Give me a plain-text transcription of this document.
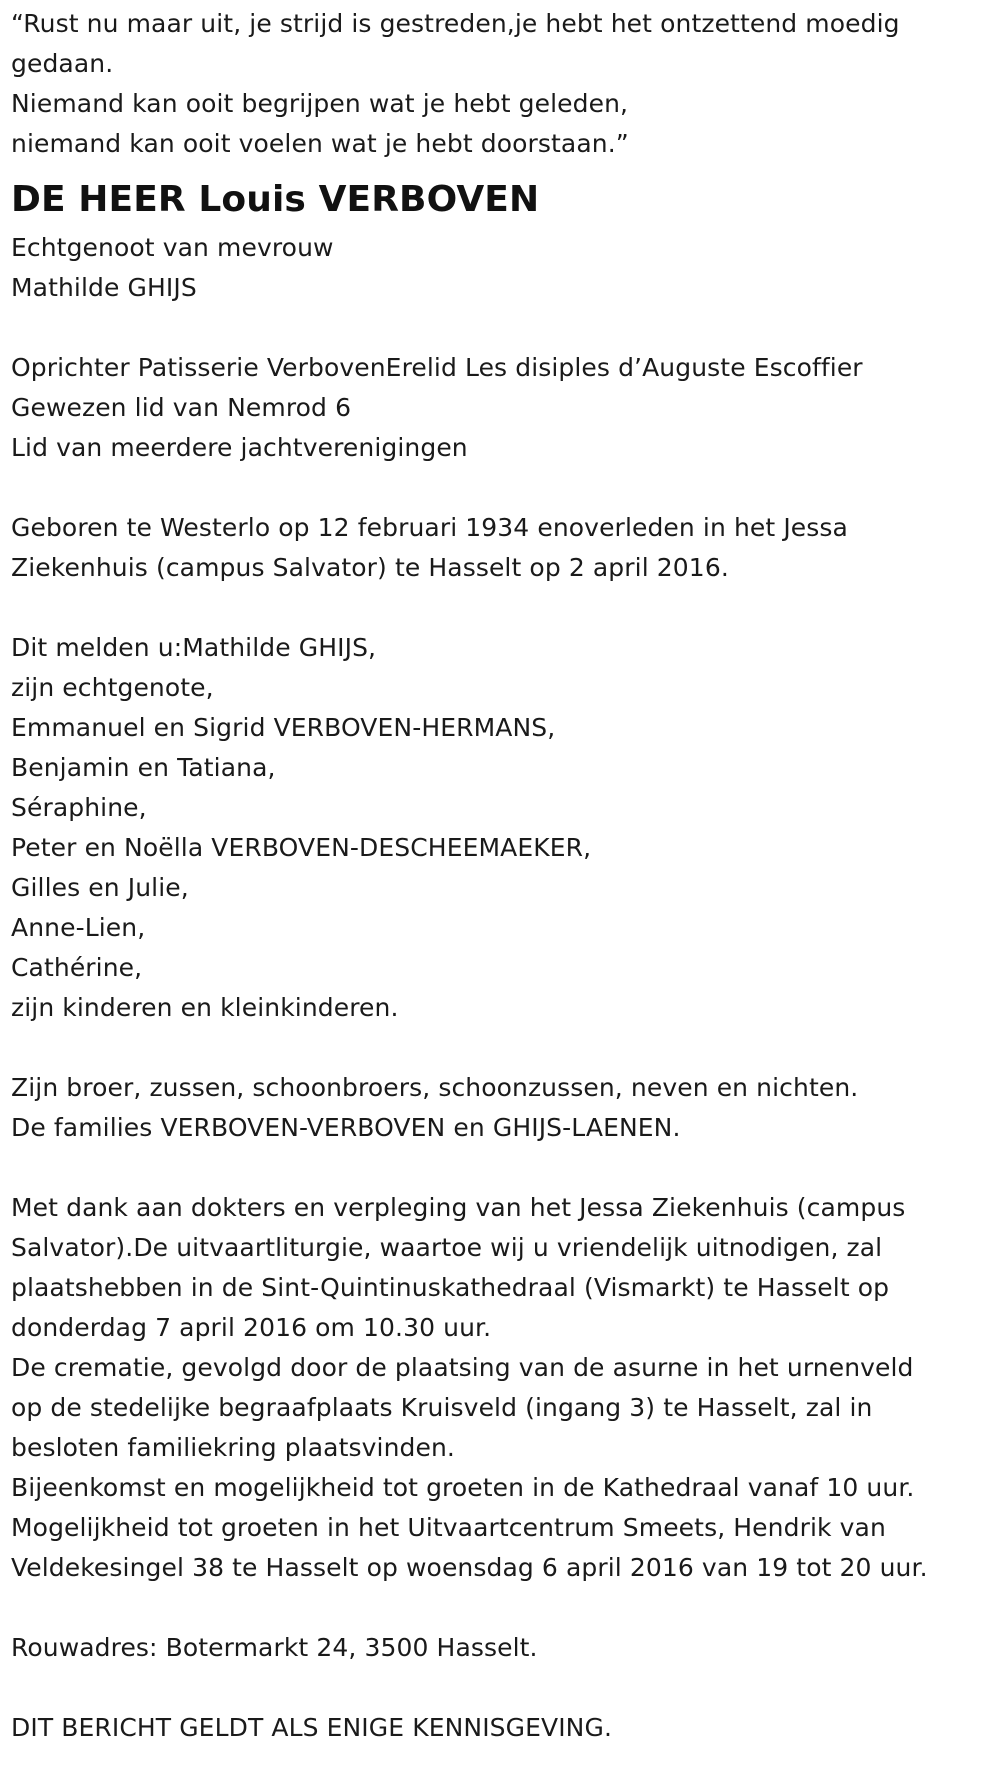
“Rust nu maar uit, je strijd is gestreden,je hebt het ontzettend moedig
gedaan.
Niemand kan ooit begrijpen wat je hebt geleden,
niemand kan ooit voelen wat je hebt doorstaan.”
DE HEER Louis VERBOVEN
Echtgenoot van mevrouw
Mathilde GHIJS
Oprichter Patisserie VerbovenErelid Les disiples d’Auguste Escoffier
Gewezen lid van Nemrod 6
Lid van meerdere jachtverenigingen
Geboren te Westerlo op 12 februari 1934 enoverleden in het Jessa
Ziekenhuis (campus Salvator) te Hasselt op 2 april 2016.
Dit melden u:Mathilde GHIJS,
zijn echtgenote,
Emmanuel en Sigrid VERBOVEN-HERMANS,
Benjamin en Tatiana,
Séraphine,
Peter en Noëlla VERBOVEN-DESCHEEMAEKER,
Gilles en Julie,
Anne-Lien,
Cathérine,
zijn kinderen en kleinkinderen.
Zijn broer, zussen, schoonbroers, schoonzussen, neven en nichten.
De families VERBOVEN-VERBOVEN en GHIJS-LAENEN.
Met dank aan dokters en verpleging van het Jessa Ziekenhuis (campus
Salvator).De uitvaartliturgie, waartoe wij u vriendelijk uitnodigen, zal
plaatshebben in de Sint-Quintinuskathedraal (Vismarkt) te Hasselt op
donderdag 7 april 2016 om 10.30 uur.
De crematie, gevolgd door de plaatsing van de asurne in het urnenveld
op de stedelijke begraafplaats Kruisveld (ingang 3) te Hasselt, zal in
besloten familiekring plaatsvinden.
Bijeenkomst en mogelijkheid tot groeten in de Kathedraal vanaf 10 uur.
Mogelijkheid tot groeten in het Uitvaartcentrum Smeets, Hendrik van
Veldekesingel 38 te Hasselt op woensdag 6 april 2016 van 19 tot 20 uur.
Rouwadres: Botermarkt 24, 3500 Hasselt.
DIT BERICHT GELDT ALS ENIGE KENNISGEVING.
